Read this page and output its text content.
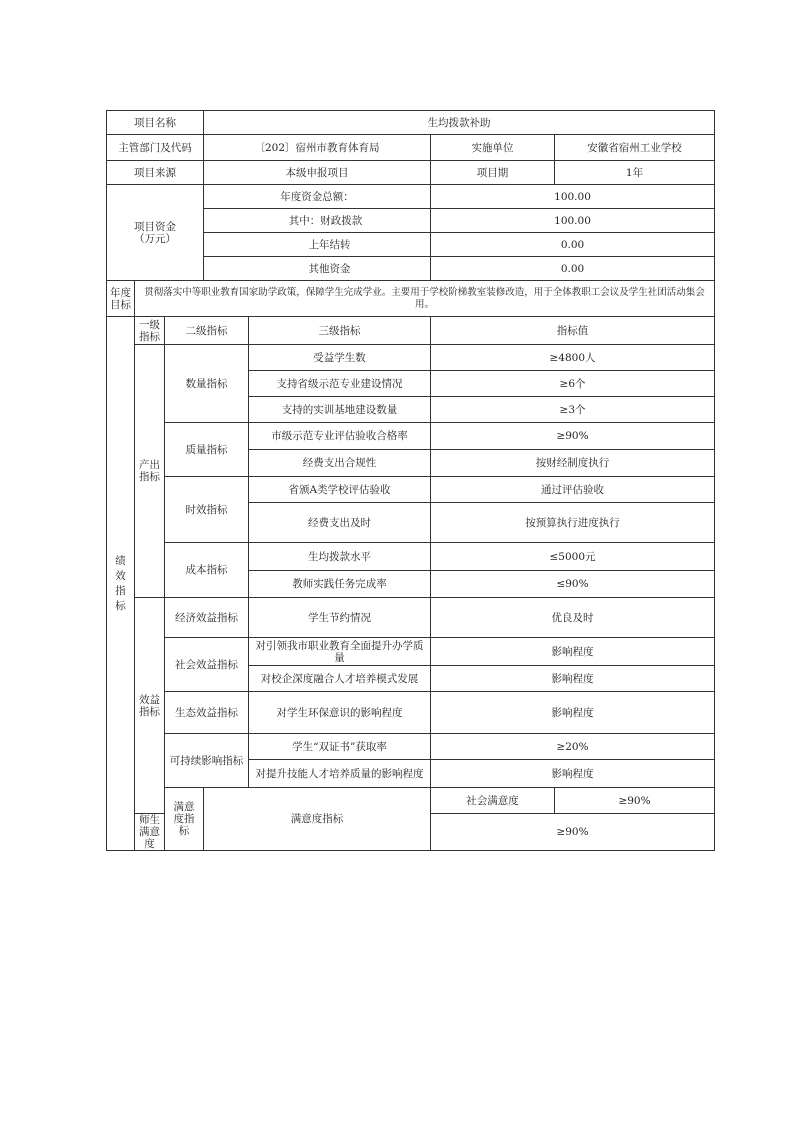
项目名称			生均拨款补助			
主管部门及代码			〔202〕宿州市教育体育局		实施单位	安徽省宿州工业学校
项目来源			本级申报项目		项目期	1年
项目资金
（万元）			年度资金总额：		100.00	
			其中：财政拨款		100.00	
			上年结转		0.00	
			其他资金		0.00	
年度
目标	贯彻落实中等职业教育国家助学政策，保障学生完成学业。主要用于学校阶梯教室装修改造，用于全体教职工会议及学生社团活动集会用。					
绩
效
指
标	一级
指标	二级指标		三级指标	指标值	
	产出
指标	数量指标		受益学生数	≥4800人	
				支持省级示范专业建设情况	≥6个	
				支持的实训基地建设数量	≥3个	
		质量指标		市级示范专业评估验收合格率	≥90%	
				经费支出合规性	按财经制度执行	
		时效指标		省颁A类学校评估验收	通过评估验收	
				经费支出及时	按预算执行进度执行	
		成本指标		生均拨款水平	≤5000元	
				教师实践任务完成率	≤90%	
	效益
指标	经济效益指标		学生节约情况	优良及时	
		社会效益指标		对引领我市职业教育全面提升办学质量	影响程度	
				对校企深度融合人才培养模式发展	影响程度	
		生态效益指标		对学生环保意识的影响程度	影响程度	
		可持续影响指标		学生“双证书”获取率	≥20%	
				对提升技能人才培养质量的影响程度	影响程度	
		满意
度指
标	满意度指标		社会满意度	≥90%
	师生满意度				≥90%	
